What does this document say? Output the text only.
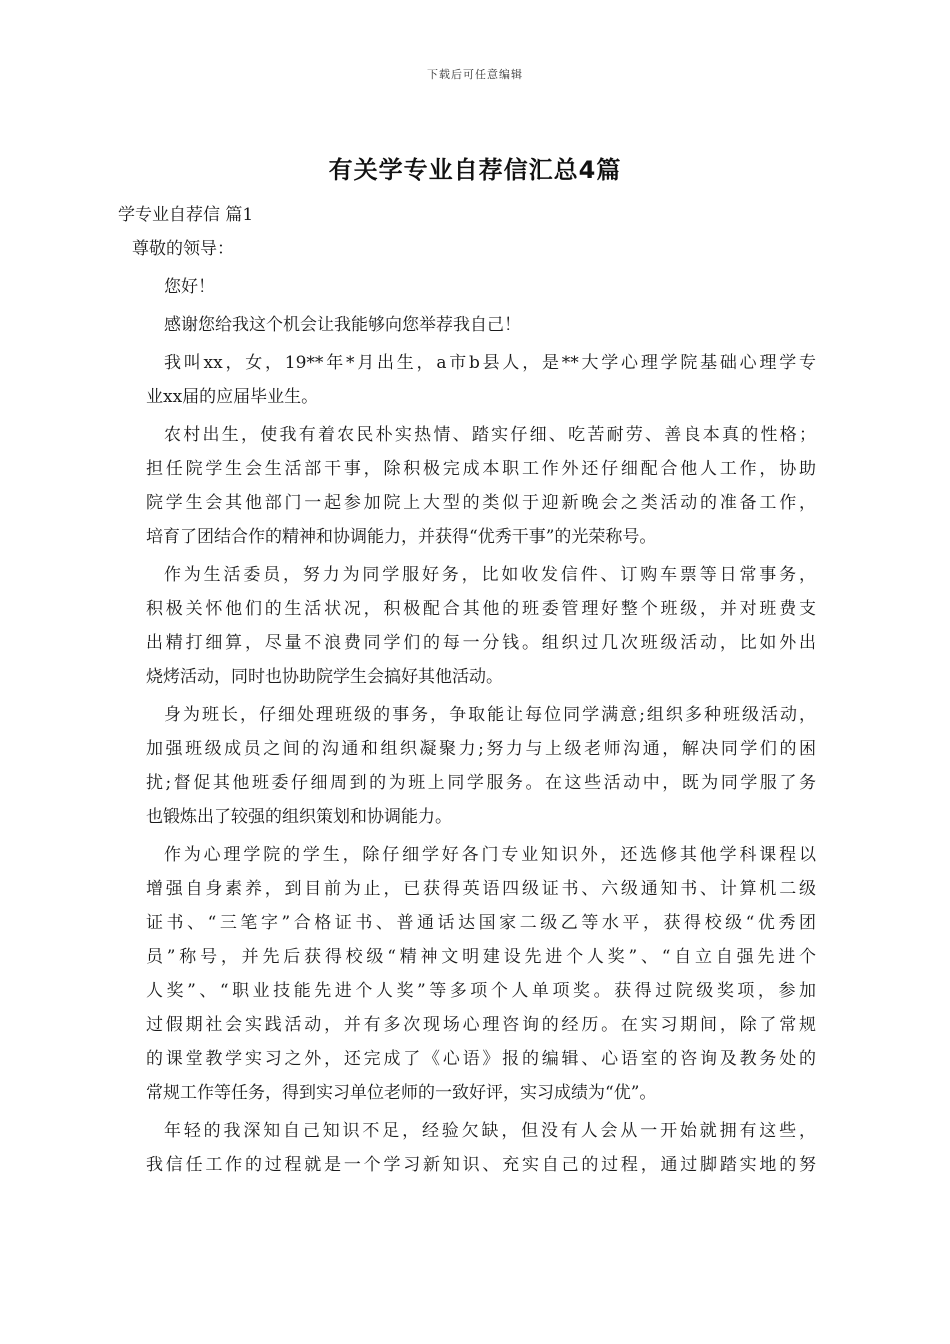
下载后可任意编辑
有关学专业自荐信汇总4篇
学专业自荐信 篇1
尊敬的领导：
您好！
感谢您给我这个机会让我能够向您举荐我自己！
我叫xx，女，19**年*月出生，a市b县人，是**大学心理学院基础心理学专
业xx届的应届毕业生。
农村出生，使我有着农民朴实热情、踏实仔细、吃苦耐劳、善良本真的性格；
担任院学生会生活部干事，除积极完成本职工作外还仔细配合他人工作，协助
院学生会其他部门一起参加院上大型的类似于迎新晚会之类活动的准备工作，
培育了团结合作的精神和协调能力，并获得“优秀干事”的光荣称号。
作为生活委员，努力为同学服好务，比如收发信件、订购车票等日常事务，
积极关怀他们的生活状况，积极配合其他的班委管理好整个班级，并对班费支
出精打细算，尽量不浪费同学们的每一分钱。组织过几次班级活动，比如外出
烧烤活动，同时也协助院学生会搞好其他活动。
身为班长，仔细处理班级的事务，争取能让每位同学满意;组织多种班级活动，
加强班级成员之间的沟通和组织凝聚力;努力与上级老师沟通，解决同学们的困
扰;督促其他班委仔细周到的为班上同学服务。在这些活动中，既为同学服了务
也锻炼出了较强的组织策划和协调能力。
作为心理学院的学生，除仔细学好各门专业知识外，还选修其他学科课程以
增强自身素养，到目前为止，已获得英语四级证书、六级通知书、计算机二级
证书、“三笔字”合格证书、普通话达国家二级乙等水平，获得校级“优秀团
员”称号，并先后获得校级“精神文明建设先进个人奖”、“自立自强先进个
人奖”、“职业技能先进个人奖”等多项个人单项奖。获得过院级奖项，参加
过假期社会实践活动，并有多次现场心理咨询的经历。在实习期间，除了常规
的课堂教学实习之外，还完成了《心语》报的编辑、心语室的咨询及教务处的
常规工作等任务，得到实习单位老师的一致好评，实习成绩为“优”。
年轻的我深知自己知识不足，经验欠缺，但没有人会从一开始就拥有这些，
我信任工作的过程就是一个学习新知识、充实自己的过程，通过脚踏实地的努
